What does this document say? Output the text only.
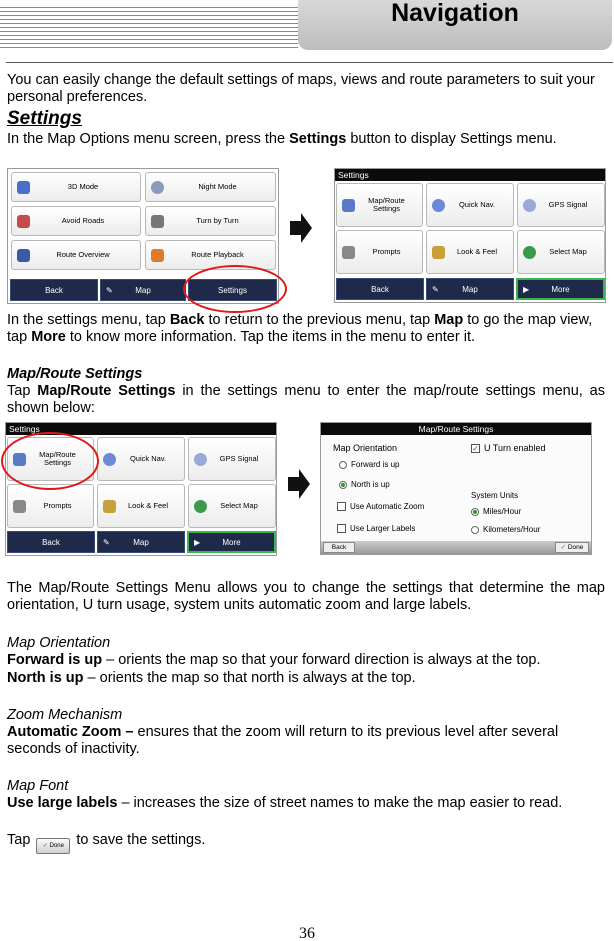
Navigation
You can easily change the default settings of maps, views and route parameters to suit your personal preferences.
Settings
In the Map Options menu screen, press the Settings button to display Settings menu.
3D Mode	Night Mode
Avoid Roads	Turn by Turn
Route Overview	Route Playback
Back	✎	Map	Settings
Settings
Map/Route Settings	Quick Nav.	GPS Signal
Prompts	Look & Feel	Select Map
Back	✎	Map	▶	More
In the settings menu, tap Back to return to the previous menu, tap Map to go the map view, tap More to know more information. Tap the items in the menu to enter it.
Map/Route Settings
Tap Map/Route Settings in the settings menu to enter the map/route settings menu, as shown below:
Settings
Map/Route Settings	Quick Nav.	GPS Signal
Prompts	Look & Feel	Select Map
Back	✎	Map	▶	More
Map/Route Settings
Map Orientation
Forward is up
North is up
Use Automatic Zoom
Use Larger Labels
✓ U Turn enabled
System Units
Miles/Hour
Kilometers/Hour
Back	✓ Done
The Map/Route Settings Menu allows you to change the settings that determine the map orientation, U turn usage, system units automatic zoom and large labels.
Map Orientation
Forward is up – orients the map so that your forward direction is always at the top.
North is up – orients the map so that north is always at the top.
Zoom Mechanism
Automatic Zoom – ensures that the zoom will return to its previous level after several seconds of inactivity.
Map Font
Use large labels – increases the size of street names to make the map easier to read.
Tap ✓ Done to save the settings.
36
